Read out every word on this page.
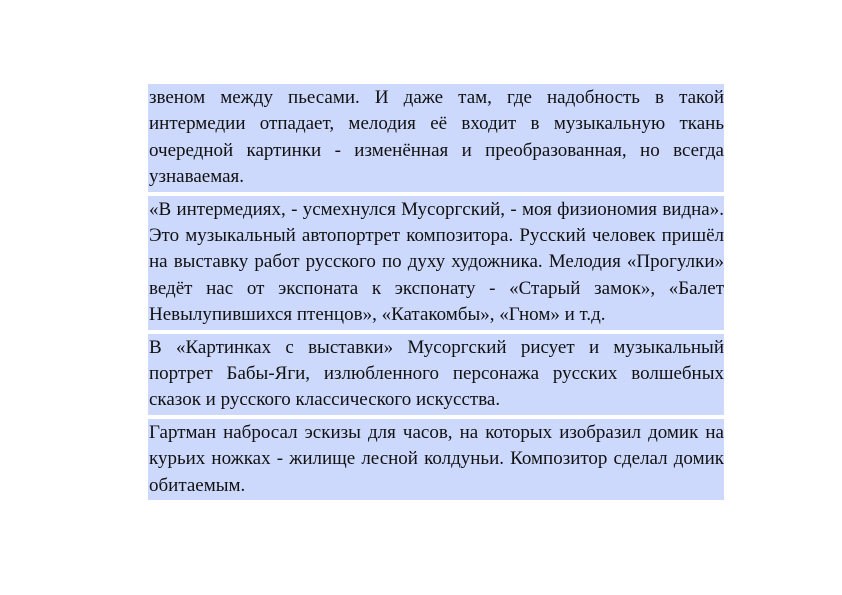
звеном между пьесами. И даже там, где надобность в такой интермедии отпадает, мелодия её входит в музыкальную ткань очередной картинки - изменённая и преобразованная, но всегда узнаваемая.

«В интермедиях, - усмехнулся Мусоргский, - моя физиономия видна». Это музыкальный автопортрет композитора. Русский человек пришёл на выставку работ русского по духу художника. Мелодия «Прогулки» ведёт нас от экспоната к экспонату - «Старый замок», «Балет Невылупившихся птенцов», «Катакомбы», «Гном» и т.д.

В «Картинках с выставки» Мусоргский рисует и музыкальный портрет Бабы-Яги, излюбленного персонажа русских волшебных сказок и русского классического искусства.

Гартман набросал эскизы для часов, на которых изобразил домик на курьих ножках - жилище лесной колдуньи. Композитор сделал домик обитаемым.
